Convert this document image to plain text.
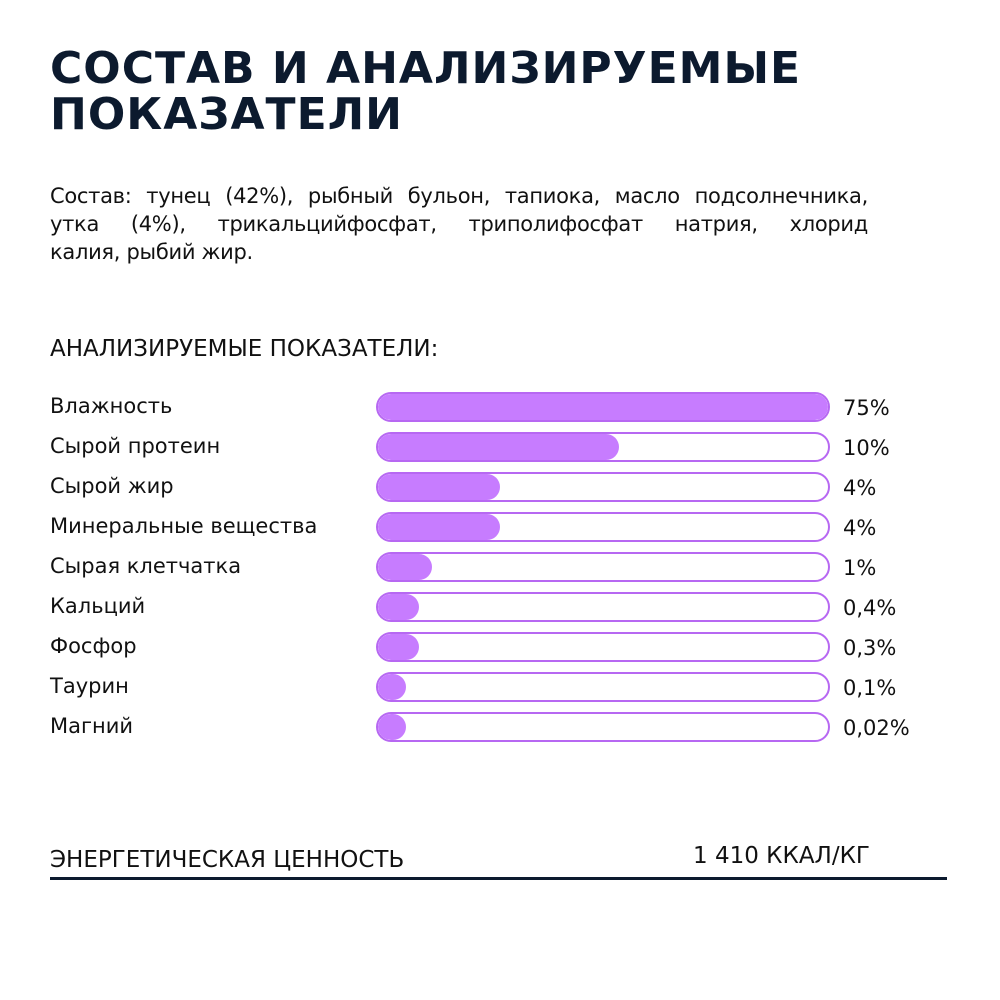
СОСТАВ И АНАЛИЗИРУЕМЫЕ
ПОКАЗАТЕЛИ

Состав: тунец (42%), рыбный бульон, тапиока, масло подсолнечника,
утка (4%), трикальцийфосфат, триполифосфат натрия, хлорид
калия, рыбий жир.

АНАЛИЗИРУЕМЫЕ ПОКАЗАТЕЛИ:
Влажность	75%
Сырой протеин	10%
Сырой жир	4%
Минеральные вещества	4%
Сырая клетчатка	1%
Кальций	0,4%
Фосфор	0,3%
Таурин	0,1%
Магний	0,02%
ЭНЕРГЕТИЧЕСКАЯ ЦЕННОСТЬ	1 410 ККАЛ/КГ
